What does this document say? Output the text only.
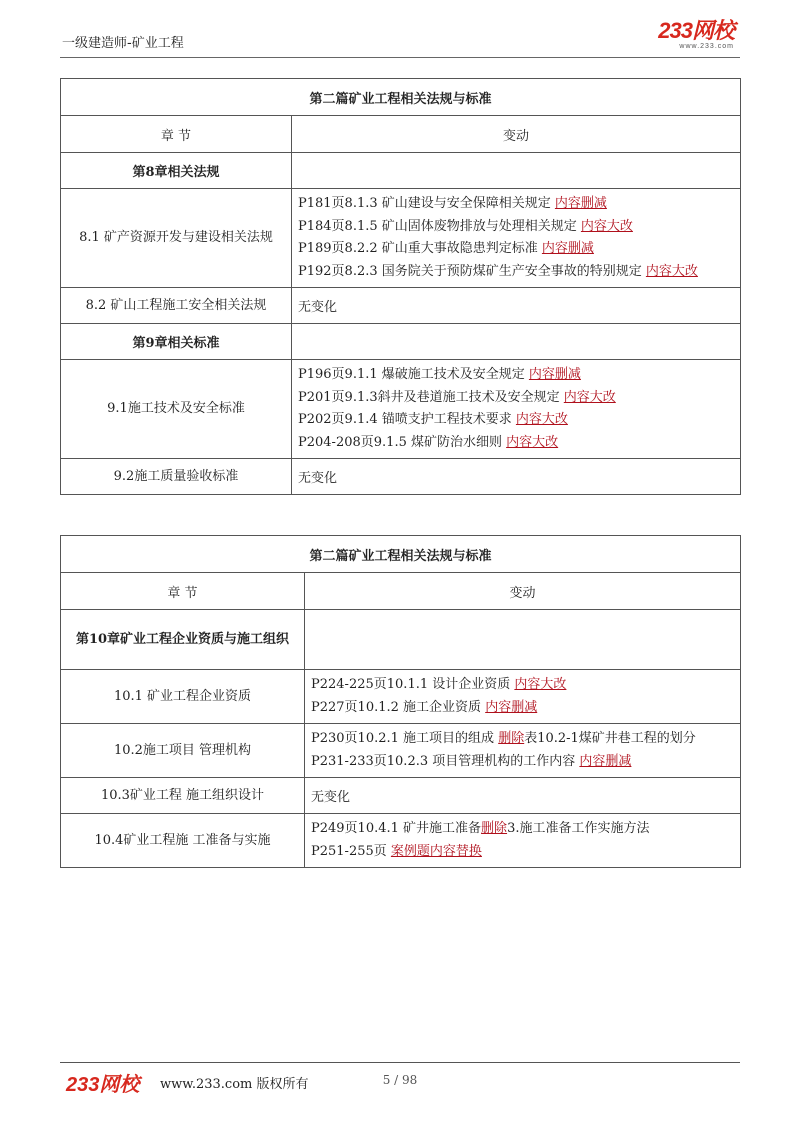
一级建造师-矿业工程
233网校
www.233.com
第二篇矿业工程相关法规与标准	
章 节	变动
第8章相关法规	
8.1 矿产资源开发与建设相关法规	P181页8.1.3 矿山建设与安全保障相关规定 内容删减
P184页8.1.5 矿山固体废物排放与处理相关规定 内容大改
P189页8.2.2 矿山重大事故隐患判定标准 内容删减
P192页8.2.3 国务院关于预防煤矿生产安全事故的特别规定 内容大改

8.2 矿山工程施工安全相关法规	无变化
第9章相关标准	
9.1施工技术及安全标准	P196页9.1.1 爆破施工技术及安全规定 内容删减
P201页9.1.3斜井及巷道施工技术及安全规定 内容大改
P202页9.1.4 锚喷支护工程技术要求 内容大改
P204-208页9.1.5 煤矿防治水细则 内容大改

9.2施工质量验收标准	无变化
第二篇矿业工程相关法规与标准	
章 节	变动
第10章矿业工程企业资质与施工组织	
10.1 矿业工程企业资质	P224-225页10.1.1 设计企业资质 内容大改
P227页10.1.2 施工企业资质 内容删减

10.2施工项目 管理机构	P230页10.2.1 施工项目的组成 删除表10.2-1煤矿井巷工程的划分
P231-233页10.2.3 项目管理机构的工作内容 内容删减

10.3矿业工程 施工组织设计	无变化
10.4矿业工程施 工准备与实施	P249页10.4.1 矿井施工准备删除3.施工准备工作实施方法
P251-255页 案例题内容替换
233网校 www.233.com 版权所有	5 / 98
